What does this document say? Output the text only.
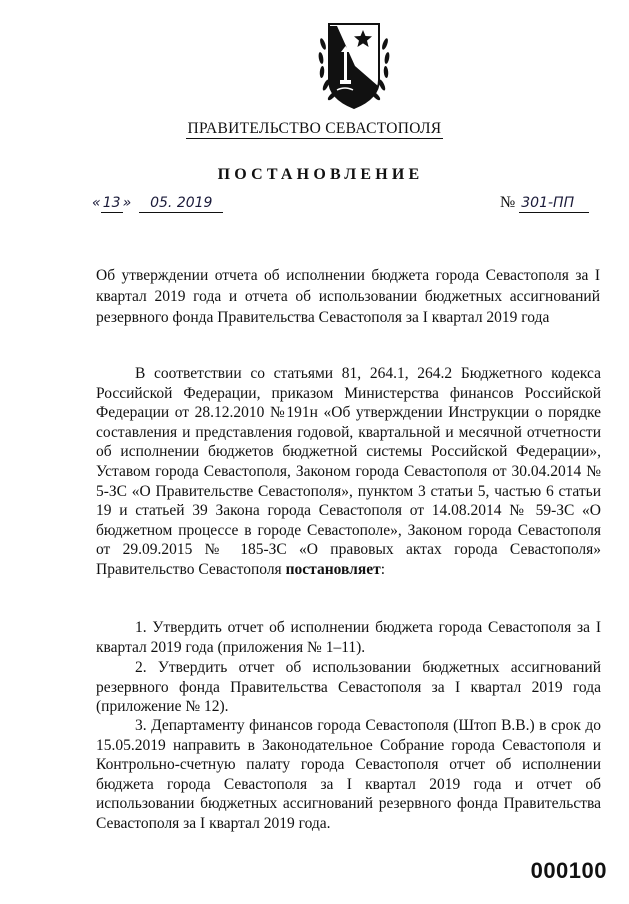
ПРАВИТЕЛЬСТВО СЕВАСТОПОЛЯ
ПОСТАНОВЛЕНИЕ
« 13 » 05. 2019	№ 301-ПП
Об утверждении отчета об исполнении бюджета города Севастополя за I квартал 2019 года и отчета об использовании бюджетных ассигнований резервного фонда Правительства Севастополя за I квартал 2019 года
В соответствии со статьями 81, 264.1, 264.2 Бюджетного кодекса Российской Федерации, приказом Министерства финансов Российской Федерации от 28.12.2010 №191н «Об утверждении Инструкции о порядке составления и представления годовой, квартальной и месячной отчетности об исполнении бюджетов бюджетной системы Российской Федерации», Уставом города Севастополя, Законом города Севастополя от 30.04.2014 № 5-ЗС «О Правительстве Севастополя», пунктом 3 статьи 5, частью 6 статьи 19 и статьей 39 Закона города Севастополя от 14.08.2014 № 59-ЗС «О бюджетном процессе в городе Севастополе», Законом города Севастополя от 29.09.2015 № 185-ЗС «О правовых актах города Севастополя» Правительство Севастополя постановляет:
1. Утвердить отчет об исполнении бюджета города Севастополя за I квартал 2019 года (приложения № 1–11).
2. Утвердить отчет об использовании бюджетных ассигнований резервного фонда Правительства Севастополя за I квартал 2019 года (приложение № 12).
3. Департаменту финансов города Севастополя (Штоп В.В.) в срок до 15.05.2019 направить в Законодательное Собрание города Севастополя и Контрольно-счетную палату города Севастополя отчет об исполнении бюджета города Севастополя за I квартал 2019 года и отчет об использовании бюджетных ассигнований резервного фонда Правительства Севастополя за I квартал 2019 года.
000100
